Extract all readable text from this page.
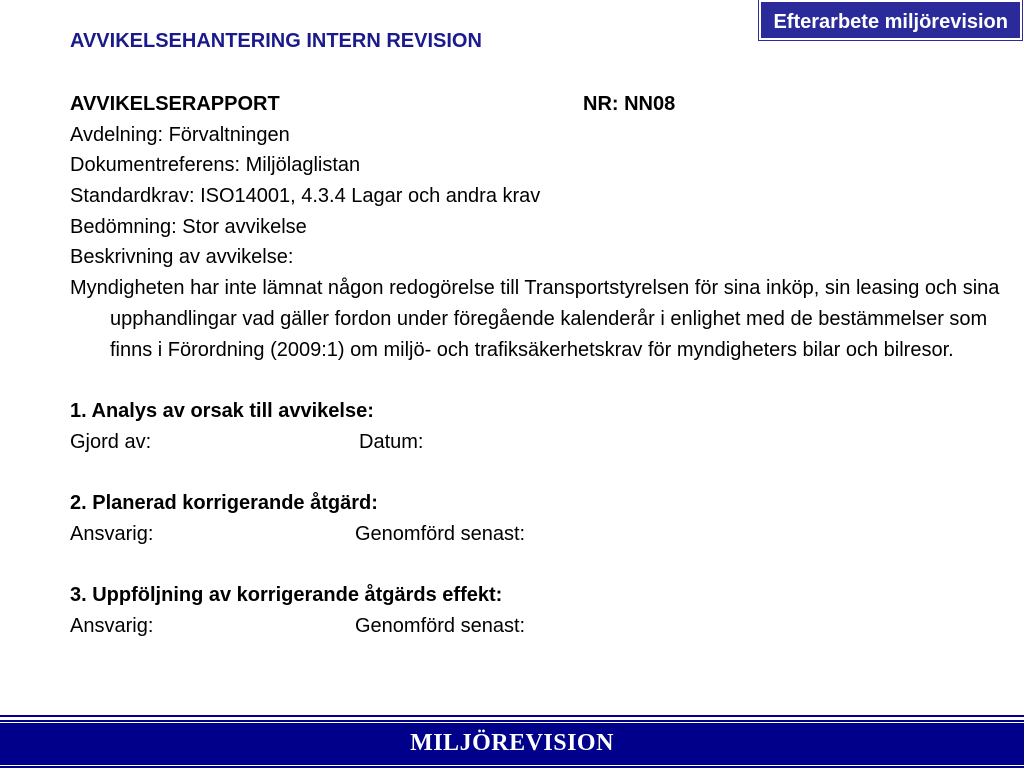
Efterarbete miljörevision
AVVIKELSEHANTERING INTERN REVISION
AVVIKELSERAPPORT	NR: NN08
Avdelning: Förvaltningen
Dokumentreferens: Miljölaglistan
Standardkrav: ISO14001, 4.3.4 Lagar och andra krav
Bedömning: Stor avvikelse
Beskrivning av avvikelse:
Myndigheten har inte lämnat någon redogörelse till Transportstyrelsen för sina inköp, sin leasing och sina upphandlingar vad gäller fordon under föregående kalenderår i enlighet med de bestämmelser som finns i Förordning (2009:1) om miljö- och trafiksäkerhetskrav för myndigheters bilar och bilresor.
1. Analys av orsak till avvikelse:
Gjord av:	Datum:
2. Planerad korrigerande åtgärd:
Ansvarig:	Genomförd senast:
3. Uppföljning av korrigerande åtgärds effekt:
Ansvarig:	Genomförd senast:
MILJÖREVISION
